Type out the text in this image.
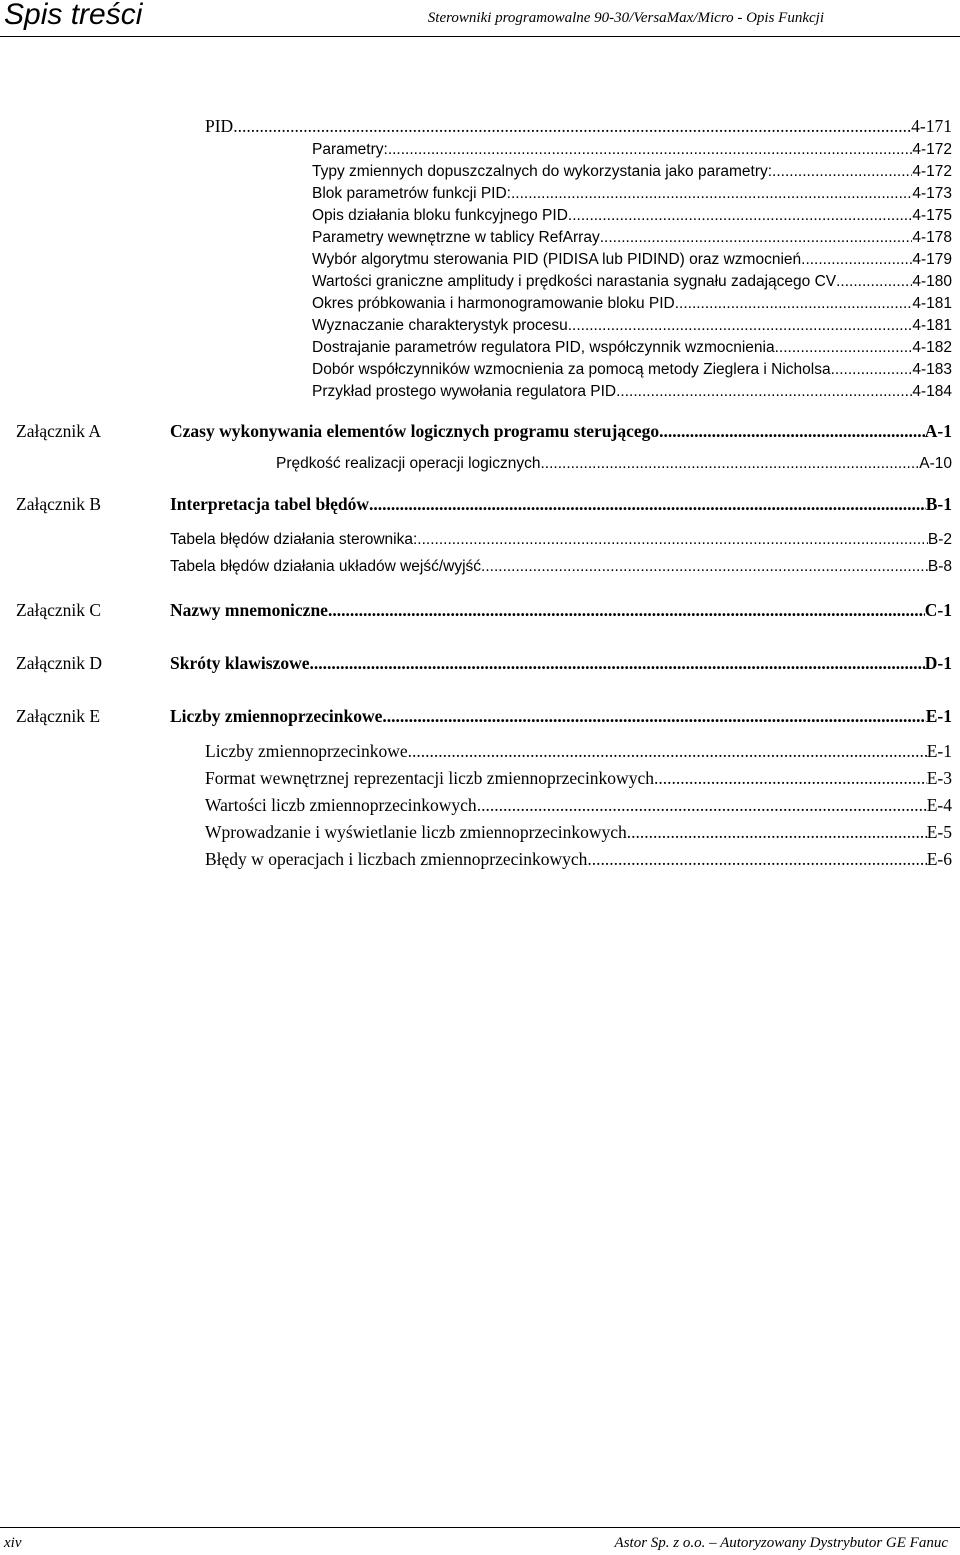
Spis treści	Sterowniki programowalne 90-30/VersaMax/Micro - Opis Funkcji
PID .....	4-171
Parametry: .....	4-172
Typy zmiennych dopuszczalnych do wykorzystania jako parametry: .....	4-172
Blok parametrów funkcji PID: .....	4-173
Opis działania bloku funkcyjnego PID .....	4-175
Parametry wewnętrzne w tablicy RefArray .....	4-178
Wybór algorytmu sterowania PID (PIDISA lub PIDIND) oraz wzmocnień .....	4-179
Wartości graniczne amplitudy i prędkości narastania sygnału zadającego CV .....	4-180
Okres próbkowania i harmonogramowanie bloku PID .....	4-181
Wyznaczanie charakterystyk procesu .....	4-181
Dostrajanie parametrów regulatora PID, współczynnik wzmocnienia .....	4-182
Dobór współczynników wzmocnienia za pomocą metody Zieglera i Nicholsa .....	4-183
Przykład prostego wywołania regulatora PID .....	4-184
Załącznik A	Czasy wykonywania elementów logicznych programu sterującego .....	A-1
Prędkość realizacji operacji logicznych .....	A-10
Załącznik B	Interpretacja tabel błędów .....	B-1
Tabela błędów działania sterownika: .....	B-2
Tabela błędów działania układów wejść/wyjść .....	B-8
Załącznik C	Nazwy mnemoniczne .....	C-1
Załącznik D	Skróty klawiszowe .....	D-1
Załącznik E	Liczby zmiennoprzecinkowe .....	E-1
Liczby zmiennoprzecinkowe .....	E-1
Format wewnętrznej reprezentacji liczb zmiennoprzecinkowych .....	E-3
Wartości liczb zmiennoprzecinkowych .....	E-4
Wprowadzanie i wyświetlanie liczb zmiennoprzecinkowych. .....	E-5
Błędy w operacjach i liczbach zmiennoprzecinkowych. .....	E-6
xiv	Astor Sp. z o.o. – Autoryzowany Dystrybutor GE Fanuc
